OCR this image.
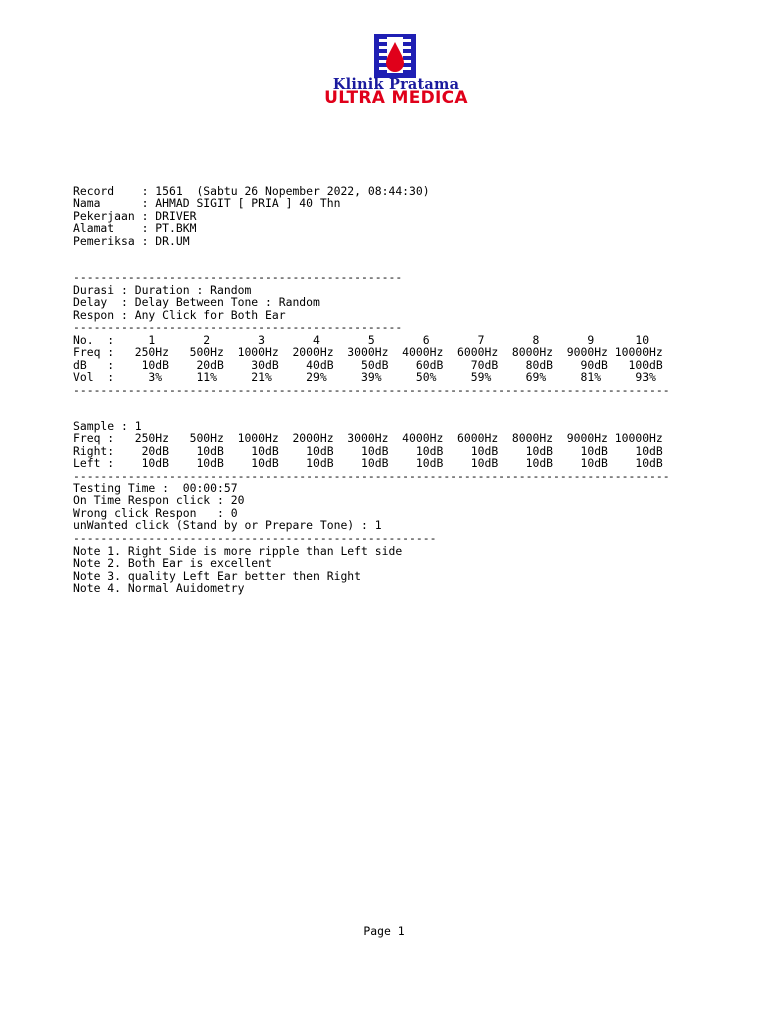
Klinik Pratama
ULTRA MEDICA
Record    : 1561  (Sabtu 26 Nopember 2022, 08:44:30)
Nama      : AHMAD SIGIT [ PRIA ] 40 Thn
Pekerjaan : DRIVER
Alamat    : PT.BKM
Pemeriksa : DR.UM
------------------------------------------------
Durasi : Duration : Random
Delay  : Delay Between Tone : Random
Respon : Any Click for Both Ear
------------------------------------------------
No.  :     1       2       3       4       5       6       7       8       9      10
Freq :   250Hz   500Hz  1000Hz  2000Hz  3000Hz  4000Hz  6000Hz  8000Hz  9000Hz 10000Hz
dB   :    10dB    20dB    30dB    40dB    50dB    60dB    70dB    80dB    90dB   100dB
Vol  :     3%     11%     21%     29%     39%     50%     59%     69%     81%     93%
---------------------------------------------------------------------------------------
Sample : 1
Freq :   250Hz   500Hz  1000Hz  2000Hz  3000Hz  4000Hz  6000Hz  8000Hz  9000Hz 10000Hz
Right:    20dB    10dB    10dB    10dB    10dB    10dB    10dB    10dB    10dB    10dB
Left :    10dB    10dB    10dB    10dB    10dB    10dB    10dB    10dB    10dB    10dB
---------------------------------------------------------------------------------------
Testing Time :  00:00:57
On Time Respon click : 20
Wrong click Respon   : 0
unWanted click (Stand by or Prepare Tone) : 1
-----------------------------------------------------
Note 1. Right Side is more ripple than Left side
Note 2. Both Ear is excellent
Note 3. quality Left Ear better then Right
Note 4. Normal Auidometry
Page 1
